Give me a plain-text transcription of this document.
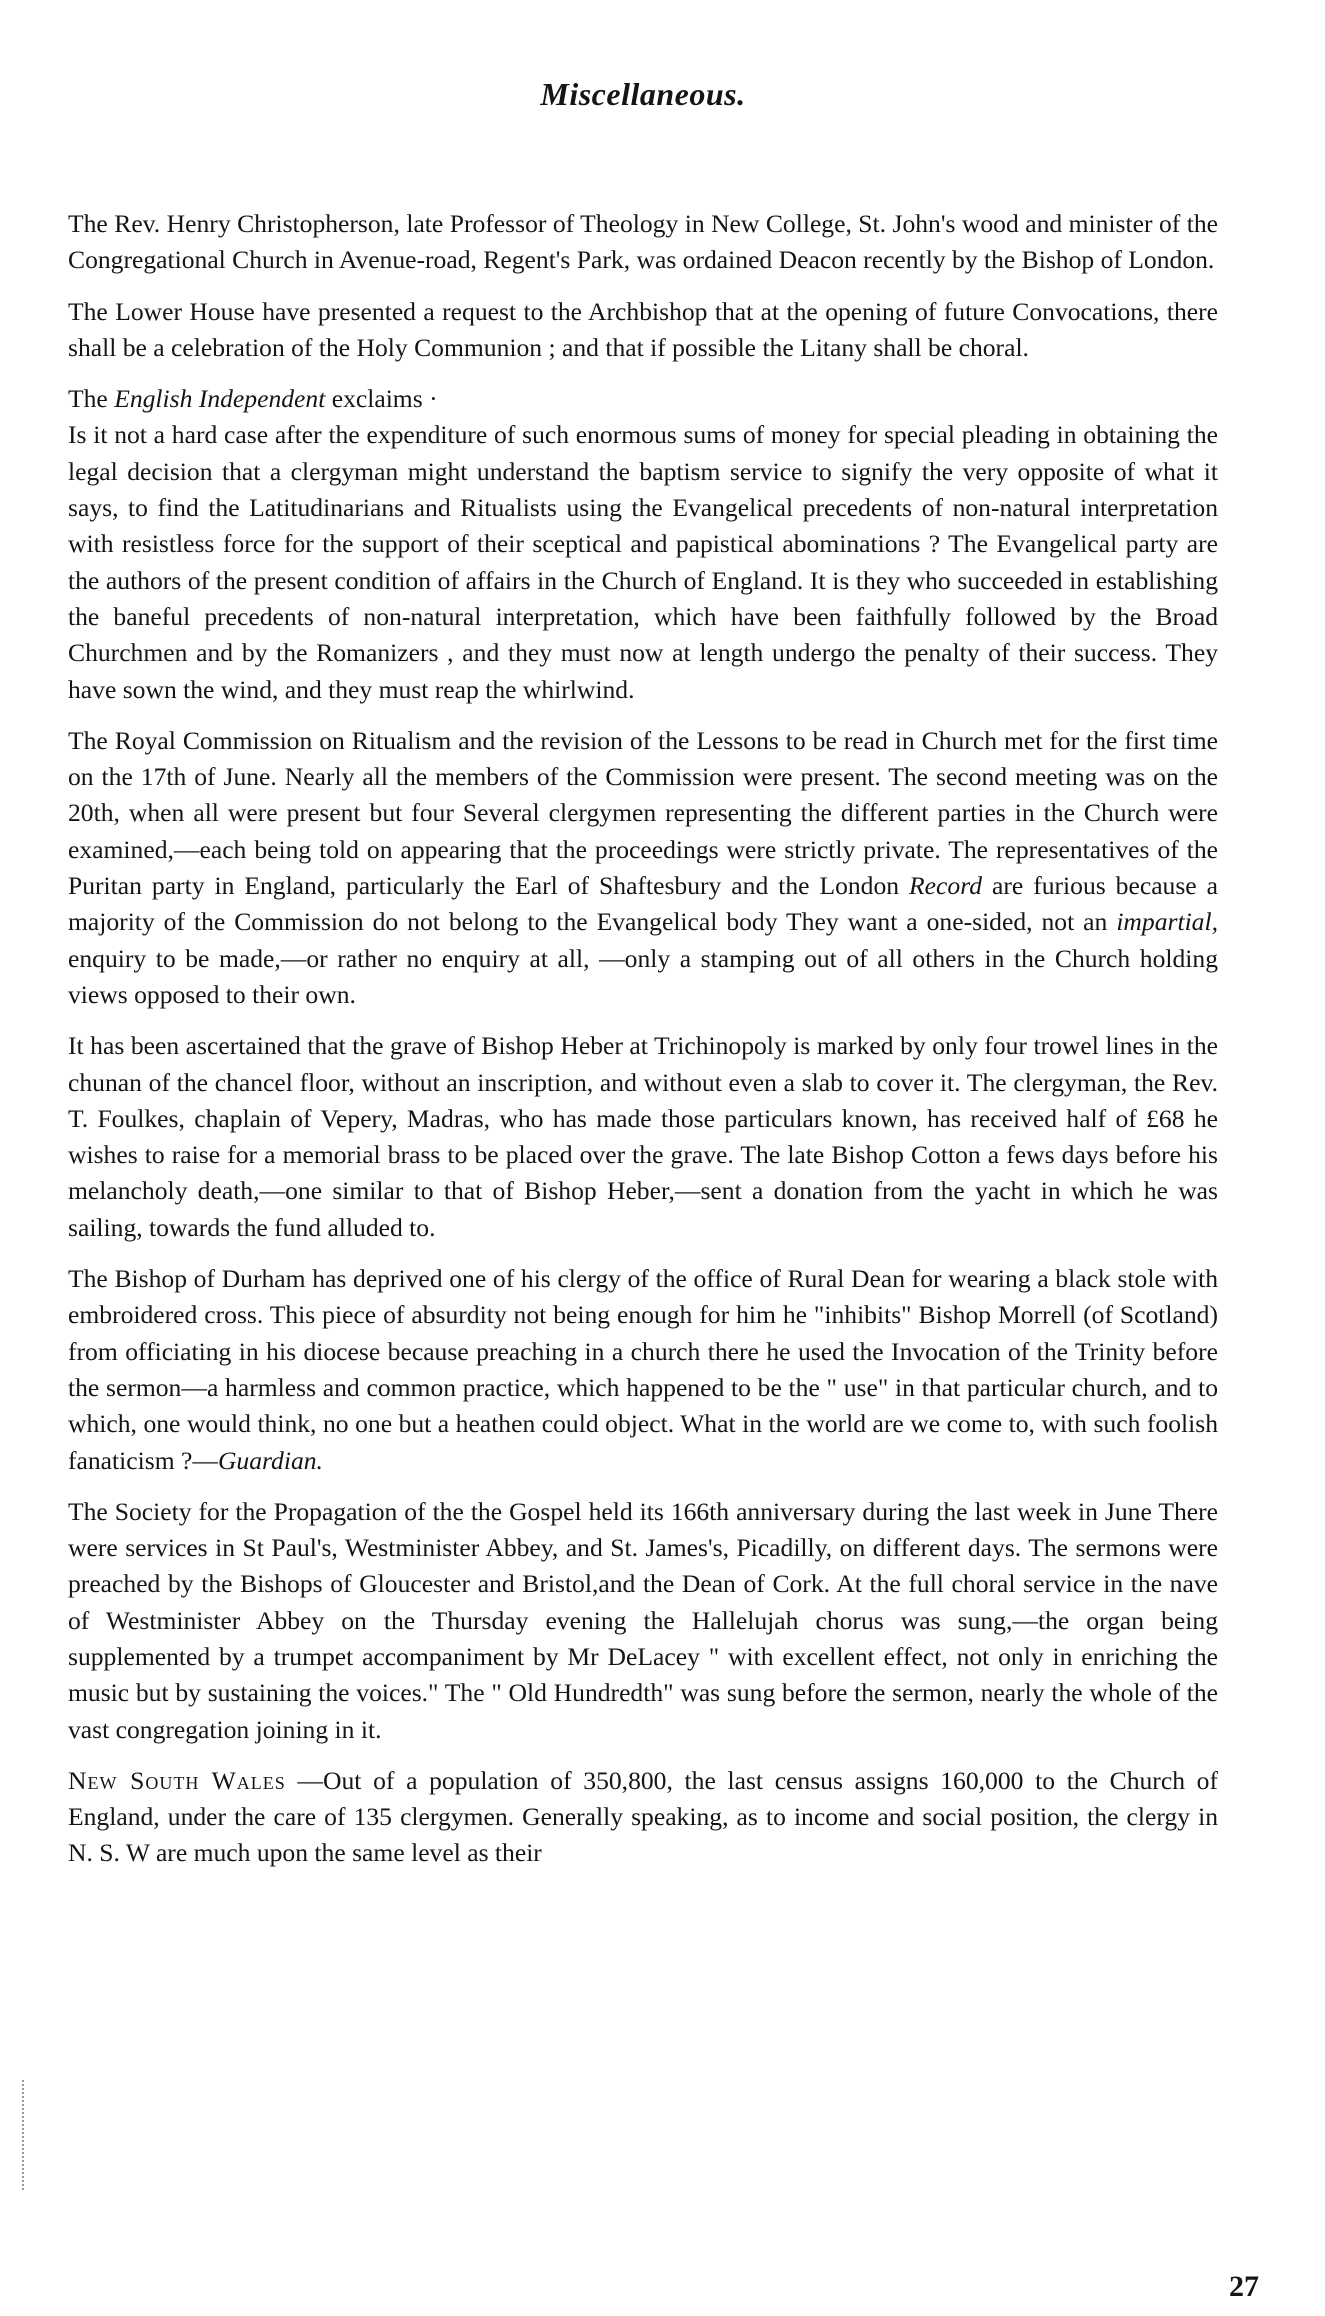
Miscellaneous.

The Rev. Henry Christopherson, late Professor of Theology in New College, St. John's wood and minister of the Congregational Church in Avenue-road, Regent's Park, was ordained Deacon recently by the Bishop of London.

The Lower House have presented a request to the Archbishop that at the opening of future Convocations, there shall be a celebration of the Holy Communion ; and that if possible the Litany shall be choral.

The English Independent exclaims ·

Is it not a hard case after the expenditure of such enormous sums of money for special pleading in obtaining the legal decision that a clergyman might understand the baptism service to signify the very opposite of what it says, to find the Latitudinarians and Ritualists using the Evangelical precedents of non-natural interpretation with resistless force for the support of their sceptical and papistical abominations ? The Evangelical party are the authors of the present condition of affairs in the Church of England. It is they who succeeded in establishing the baneful precedents of non-natural interpretation, which have been faithfully followed by the Broad Churchmen and by the Romanizers , and they must now at length undergo the penalty of their success. They have sown the wind, and they must reap the whirlwind.

The Royal Commission on Ritualism and the revision of the Lessons to be read in Church met for the first time on the 17th of June. Nearly all the members of the Commission were present. The second meeting was on the 20th, when all were present but four Several clergymen representing the different parties in the Church were examined,—each being told on appearing that the proceedings were strictly private. The representatives of the Puritan party in England, particularly the Earl of Shaftesbury and the London Record are furious because a majority of the Commission do not belong to the Evangelical body They want a one-sided, not an impartial, enquiry to be made,—or rather no enquiry at all, —only a stamping out of all others in the Church holding views opposed to their own.

It has been ascertained that the grave of Bishop Heber at Trichinopoly is marked by only four trowel lines in the chunan of the chancel floor, without an inscription, and without even a slab to cover it. The clergyman, the Rev. T. Foulkes, chaplain of Vepery, Madras, who has made those particulars known, has received half of £68 he wishes to raise for a memorial brass to be placed over the grave. The late Bishop Cotton a fews days before his melancholy death,—one similar to that of Bishop Heber,—sent a donation from the yacht in which he was sailing, towards the fund alluded to.

The Bishop of Durham has deprived one of his clergy of the office of Rural Dean for wearing a black stole with embroidered cross. This piece of absurdity not being enough for him he "inhibits" Bishop Morrell (of Scotland) from officiating in his diocese because preaching in a church there he used the Invocation of the Trinity before the sermon—a harmless and common practice, which happened to be the " use" in that particular church, and to which, one would think, no one but a heathen could object. What in the world are we come to, with such foolish fanaticism ?—Guardian.

The Society for the Propagation of the the Gospel held its 166th anniversary during the last week in June There were services in St Paul's, Westminister Abbey, and St. James's, Picadilly, on different days. The sermons were preached by the Bishops of Gloucester and Bristol,and the Dean of Cork. At the full choral service in the nave of Westminister Abbey on the Thursday evening the Hallelujah chorus was sung,—the organ being supplemented by a trumpet accompaniment by Mr DeLacey " with excellent effect, not only in enriching the music but by sustaining the voices." The " Old Hundredth" was sung before the sermon, nearly the whole of the vast congregation joining in it.

New South Wales —Out of a population of 350,800, the last census assigns 160,000 to the Church of England, under the care of 135 clergymen. Generally speaking, as to income and social position, the clergy in N. S. W are much upon the same level as their

27
